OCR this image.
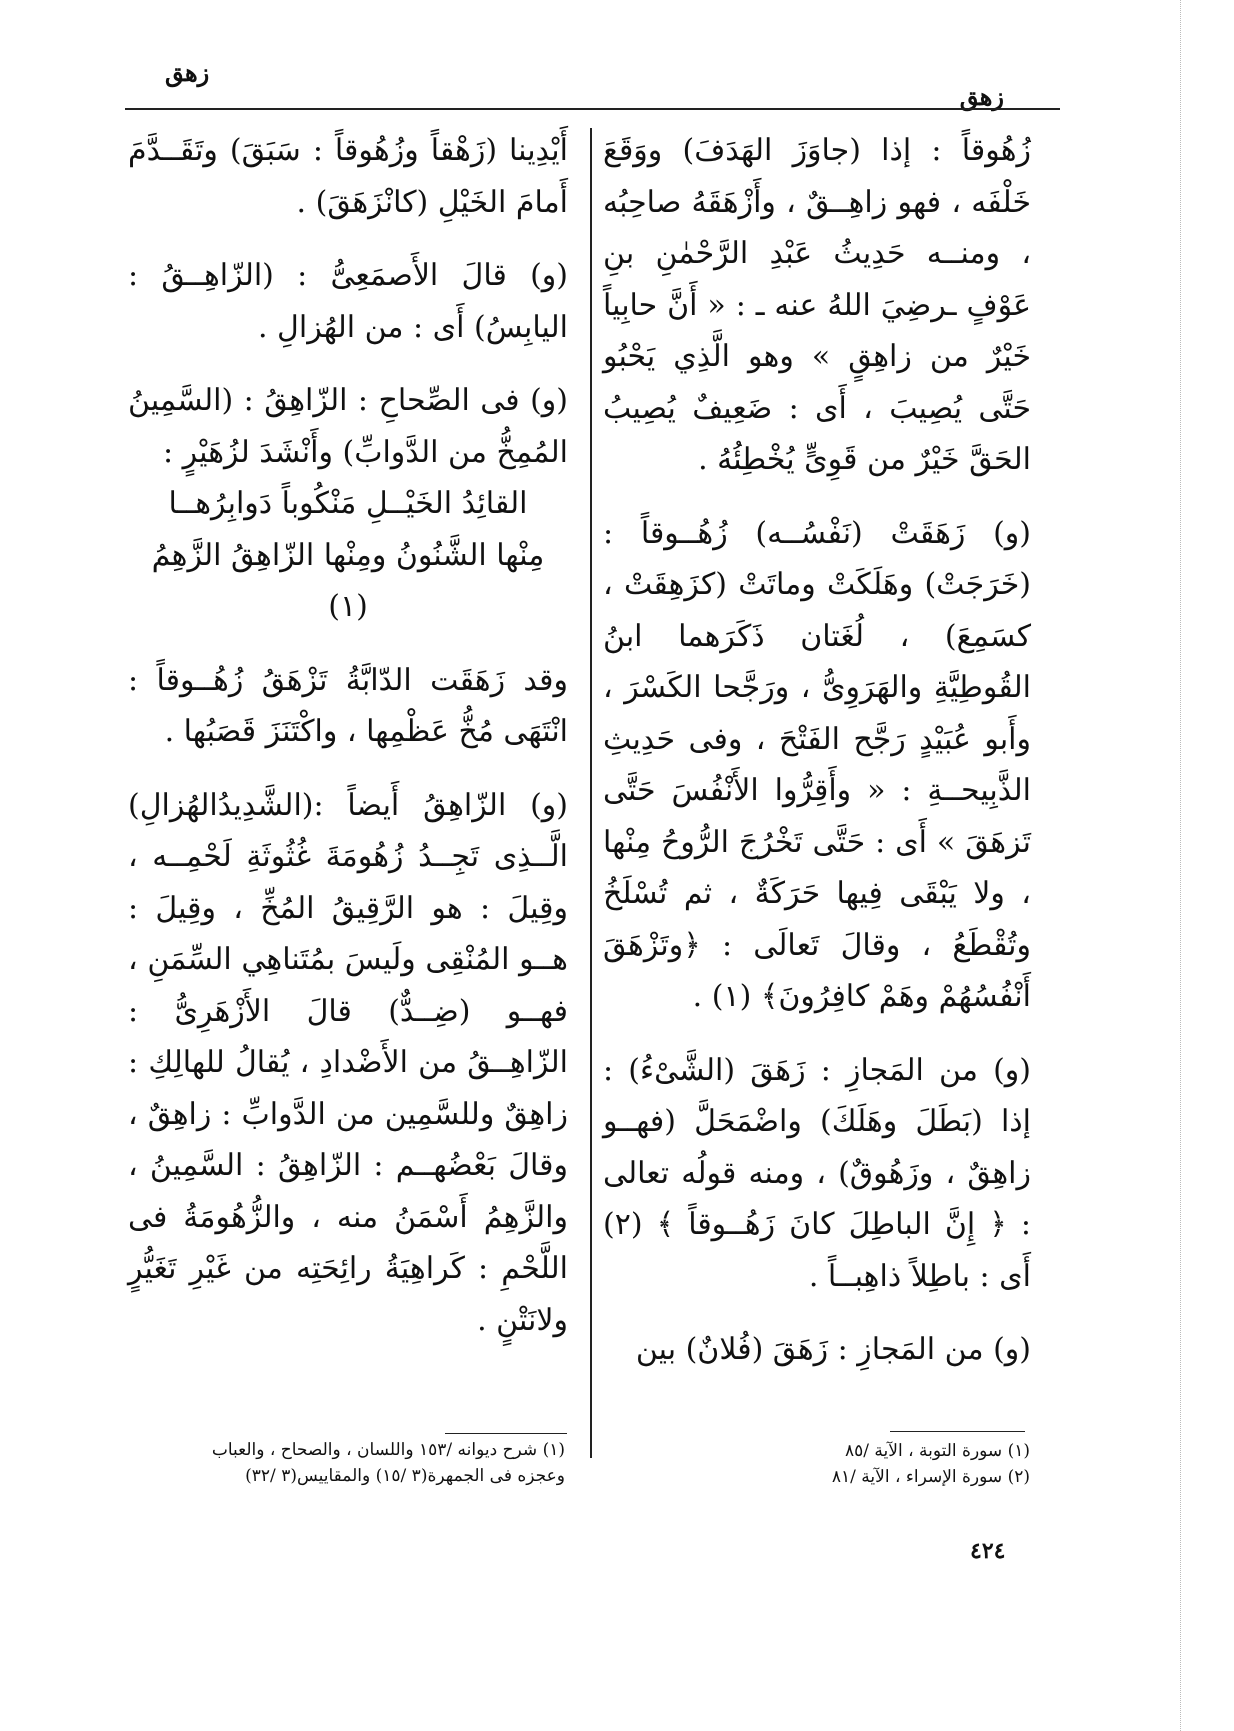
زهق
زهق

زُهُوقاً : إذا (جاوَزَ الهَدَفَ) ووَقَعَ خَلْفَه ، فهو زاهِــقٌ ، وأَزْهَقَهُ صاحِبُه ، ومنــه حَدِيثُ عَبْدِ الرَّحْمٰنِ بنِ عَوْفٍ ـرضِيَ اللهُ عنه ـ : « أَنَّ حابِياً خَيْرٌ من زاهِقٍ » وهو الَّذِي يَحْبُو حَتَّى يُصِيبَ ، أَى : ضَعِيفٌ يُصِيبُ الحَقَّ خَيْرٌ من قَوِىٍّ يُخْطِئُهُ .

(و) زَهَقَتْ (نَفْسُــه) زُهُــوقاً : (خَرَجَتْ) وهَلَكَتْ وماتَتْ (كزَهِقَتْ ، كسَمِعَ) ، لُغَتان ذَكَرَهما ابنُ القُوطِيَّةِ والهَرَوِىُّ ، ورَجَّحا الكَسْرَ ، وأَبو عُبَيْدٍ رَجَّح الفَتْحَ ، وفى حَدِيثِ الذَّبِيحــةِ : « وأَقِرُّوا الأَنْفُسَ حَتَّى تَزهَقَ » أَى : حَتَّى تَخْرُجَ الرُّوحُ مِنْها ، ولا يَبْقَى فِيها حَرَكَةٌ ، ثم تُسْلَخُ وتُقْطَعُ ، وقالَ تَعالَى : ﴿وتَزْهَقَ أَنْفُسُهُمْ وهَمْ كافِرُونَ﴾ (١) .

(و) من المَجازِ : زَهَقَ (الشَّىْءُ) : إذا (بَطَلَ وهَلَكَ) واضْمَحَلَّ (فهــو زاهِقٌ ، وزَهُوقٌ) ، ومنه قولُه تعالى : ﴿ إِنَّ الباطِلَ كانَ زَهُــوقاً ﴾ (٢) أَى : باطِلاً ذاهِبــاً .

(و) من المَجازِ : زَهَقَ (فُلانٌ) بين

أَيْدِينا (زَهْقاً وزُهُوقاً : سَبَقَ) وتَقَــدَّمَ أَمامَ الخَيْلِ (كانْزَهَقَ) .

(و) قالَ الأَصمَعِىُّ : (الزّاهِــقُ : اليابِسُ) أَى : من الهُزالِ .

(و) فى الصِّحاحِ : الزّاهِقُ : (السَّمِينُ المُمِخُّ من الدَّوابِّ) وأَنْشَدَ لزُهَيْرٍ :

القائِدُ الخَيْــلِ مَنْكُوباً دَوابِرُهــا

مِنْها الشَّنُونُ ومِنْها الزّاهِقُ الزَّهِمُ (١)

وقد زَهَقَت الدّابَّةُ تَزْهَقُ زُهُــوقاً : انْتَهَى مُخُّ عَظْمِها ، واكْتَنَزَ قَصَبُها .

(و) الزّاهِقُ أَيضاً :(الشَّدِيدُالهُزالِ) الَّــذِى تَجِــدُ زُهُومَةَ غُثُوثَةِ لَحْمِــه ، وقِيلَ : هو الرَّقِيقُ المُخِّ ، وقِيلَ : هــو المُنْقِى ولَيسَ بمُتَناهِي السِّمَنِ ، فهــو (ضِــدٌّ) قالَ الأَزْهَرِىُّ : الزّاهِــقُ من الأَضْدادِ ، يُقالُ للهالِكِ : زاهِقٌ وللسَّمِين من الدَّوابِّ : زاهِقٌ ، وقالَ بَعْضُهــم : الزّاهِقُ : السَّمِينُ ، والزَّهِمُ أَسْمَنُ منه ، والزُّهُومَةُ فى اللَّحْمِ : كَراهِيَةُ رائِحَتِه من غَيْرِ تَغَيُّرٍ ولانَتْنٍ .

(١) شرح ديوانه /١٥٣ واللسان ، والصحاح ، والعباب
وعجزه فى الجمهرة(٣ /١٥) والمقاييس(٣ /٣٢)
(١) سورة التوبة ، الآية /٨٥
(٢) سورة الإسراء ، الآية /٨١
٤٢٤
